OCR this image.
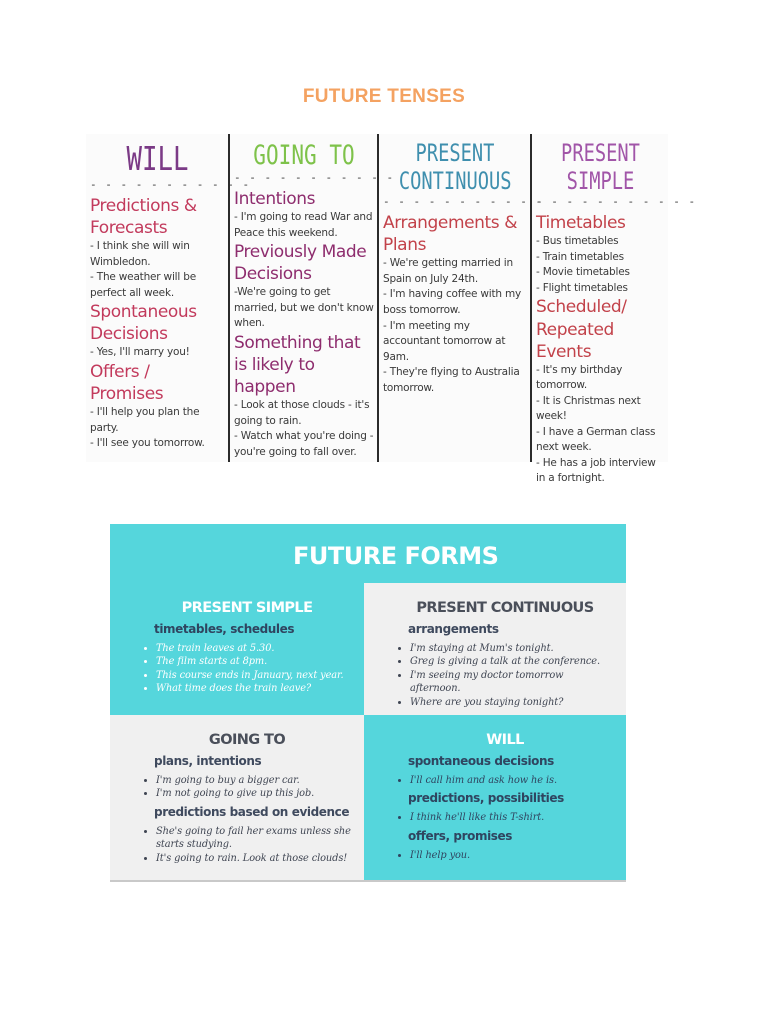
FUTURE TENSES
WILL
- - - - - - - - - - -
Predictions & Forecasts
- I think she will win Wimbledon.
- The weather will be perfect all week.
Spontaneous Decisions
- Yes, I'll marry you!
Offers / Promises
- I'll help you plan the party.
- I'll see you tomorrow.
GOING TO
- - - - - - - - - - -
Intentions
- I'm going to read War and Peace this weekend.
Previously Made Decisions
-We're going to get married, but we don't know when.
Something that is likely to happen
- Look at those clouds - it's going to rain.
- Watch what you're doing - you're going to fall over.
PRESENT CONTINUOUS
- - - - - - - - - - -
Arrangements & Plans
- We're getting married in Spain on July 24th.
- I'm having coffee with my boss tomorrow.
- I'm meeting my accountant tomorrow at 9am.
- They're flying to Australia tomorrow.
PRESENT SIMPLE
- - - - - - - - - - -
Timetables
- Bus timetables
- Train timetables
- Movie timetables
- Flight timetables
Scheduled/ Repeated Events
- It's my birthday tomorrow.
- It is Christmas next week!
- I have a German class next week.
- He has a job interview in a fortnight.
FUTURE FORMS
PRESENT SIMPLE
timetables, schedules
• The train leaves at 5.30.
• The film starts at 8pm.
• This course ends in January, next year.
• What time does the train leave?
PRESENT CONTINUOUS
arrangements
• I'm staying at Mum's tonight.
• Greg is giving a talk at the conference.
• I'm seeing my doctor tomorrow afternoon.
• Where are you staying tonight?
GOING TO
plans, intentions
• I'm going to buy a bigger car.
• I'm not going to give up this job.
predictions based on evidence
• She's going to fail her exams unless she starts studying.
• It's going to rain. Look at those clouds!
WILL
spontaneous decisions
• I'll call him and ask how he is.
predictions, possibilities
• I think he'll like this T-shirt.
offers, promises
• I'll help you.
